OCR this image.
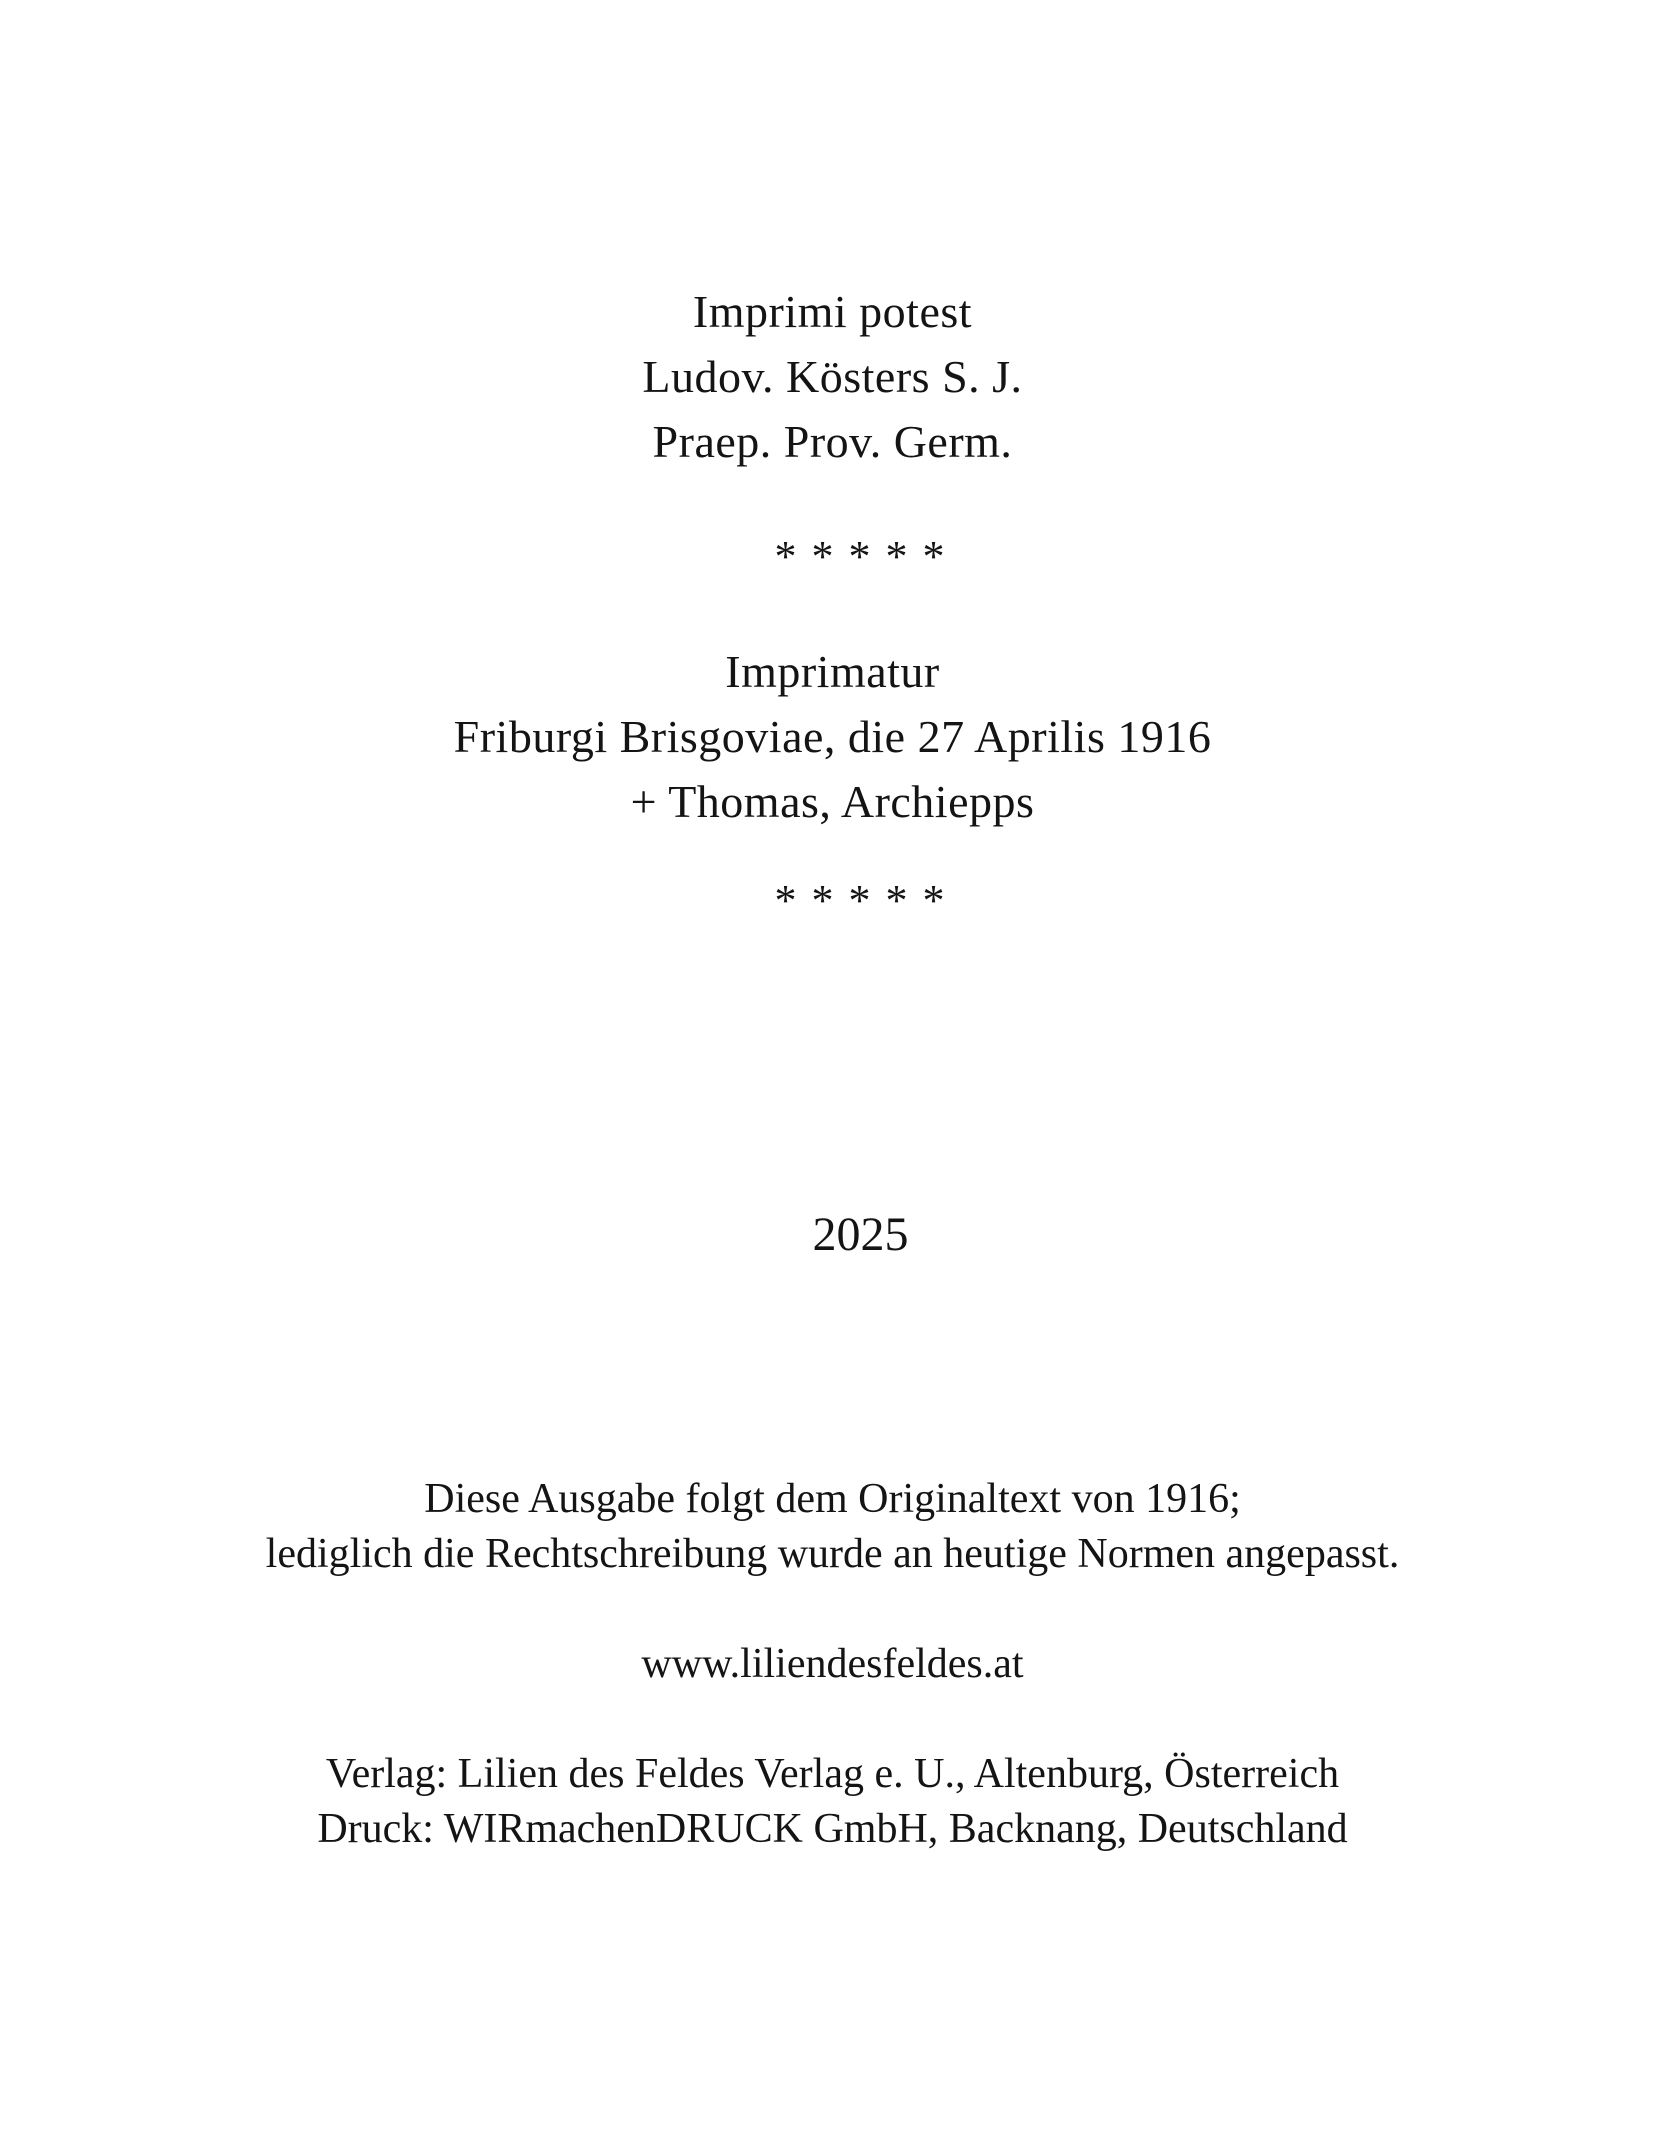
Imprimi potest

Ludov. Kösters S. J.

Praep. Prov. Germ.

* * * * *

Imprimatur

Friburgi Brisgoviae, die 27 Aprilis 1916

+ Thomas, Archiepps

* * * * *
2025

Diese Ausgabe folgt dem Originaltext von 1916;

lediglich die Rechtschreibung wurde an heutige Normen angepasst.

www.liliendesfeldes.at

Verlag: Lilien des Feldes Verlag e. U., Altenburg, Österreich

Druck: WIRmachenDRUCK GmbH, Backnang, Deutschland
